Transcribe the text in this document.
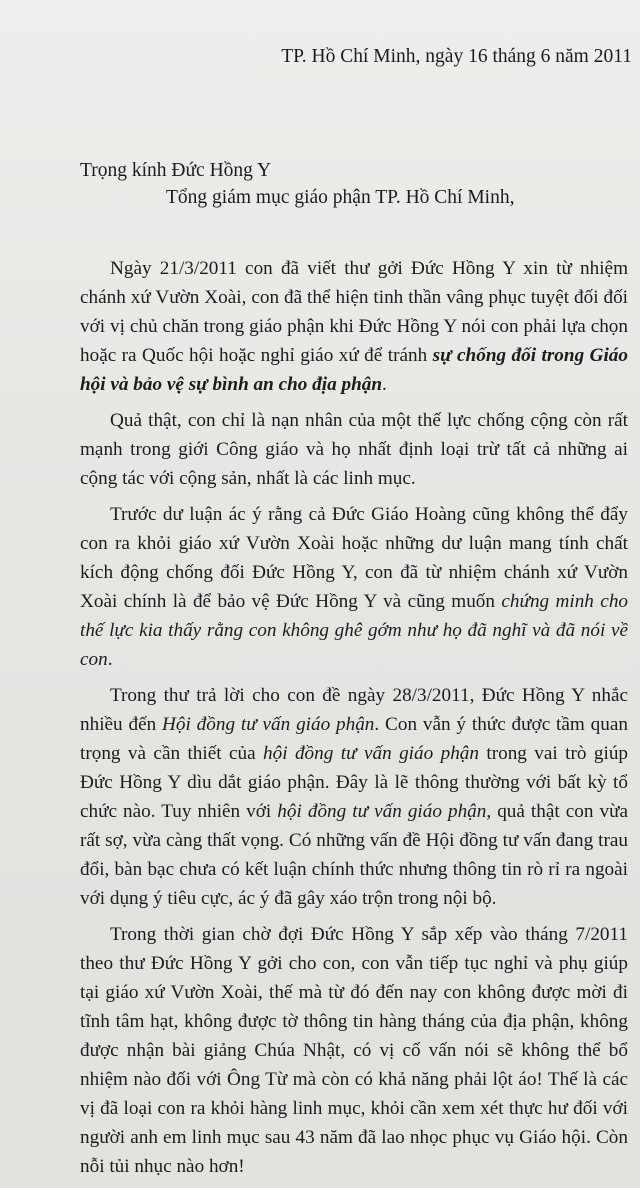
TP. Hồ Chí Minh, ngày 16 tháng 6 năm 2011
Trọng kính Đức Hồng Y
Tổng giám mục giáo phận TP. Hồ Chí Minh,

Ngày 21/3/2011 con đã viết thư gởi Đức Hồng Y xin từ nhiệm chánh xứ Vườn Xoài, con đã thể hiện tinh thần vâng phục tuyệt đối đối với vị chủ chăn trong giáo phận khi Đức Hồng Y nói con phải lựa chọn hoặc ra Quốc hội hoặc nghỉ giáo xứ để tránh sự chống đối trong Giáo hội và bảo vệ sự bình an cho địa phận.

Quả thật, con chỉ là nạn nhân của một thế lực chống cộng còn rất mạnh trong giới Công giáo và họ nhất định loại trừ tất cả những ai cộng tác với cộng sản, nhất là các linh mục.

Trước dư luận ác ý rằng cả Đức Giáo Hoàng cũng không thể đẩy con ra khỏi giáo xứ Vườn Xoài hoặc những dư luận mang tính chất kích động chống đối Đức Hồng Y, con đã từ nhiệm chánh xứ Vườn Xoài chính là để bảo vệ Đức Hồng Y và cũng muốn chứng minh cho thế lực kia thấy rằng con không ghê gớm như họ đã nghĩ và đã nói về con.

Trong thư trả lời cho con đề ngày 28/3/2011, Đức Hồng Y nhắc nhiều đến Hội đồng tư vấn giáo phận. Con vẫn ý thức được tầm quan trọng và cần thiết của hội đồng tư vấn giáo phận trong vai trò giúp Đức Hồng Y dìu dắt giáo phận. Đây là lẽ thông thường với bất kỳ tổ chức nào. Tuy nhiên với hội đồng tư vấn giáo phận, quả thật con vừa rất sợ, vừa càng thất vọng. Có những vấn đề Hội đồng tư vấn đang trau đổi, bàn bạc chưa có kết luận chính thức nhưng thông tin rò rỉ ra ngoài với dụng ý tiêu cực, ác ý đã gây xáo trộn trong nội bộ.

Trong thời gian chờ đợi Đức Hồng Y sắp xếp vào tháng 7/2011 theo thư Đức Hồng Y gởi cho con, con vẫn tiếp tục nghỉ và phụ giúp tại giáo xứ Vườn Xoài, thế mà từ đó đến nay con không được mời đi tĩnh tâm hạt, không được tờ thông tin hàng tháng của địa phận, không được nhận bài giảng Chúa Nhật, có vị cố vấn nói sẽ không thể bổ nhiệm nào đối với Ông Từ mà còn có khả năng phải lột áo! Thế là các vị đã loại con ra khỏi hàng linh mục, khỏi cần xem xét thực hư đối với người anh em linh mục sau 43 năm đã lao nhọc phục vụ Giáo hội. Còn nỗi tủi nhục nào hơn!
